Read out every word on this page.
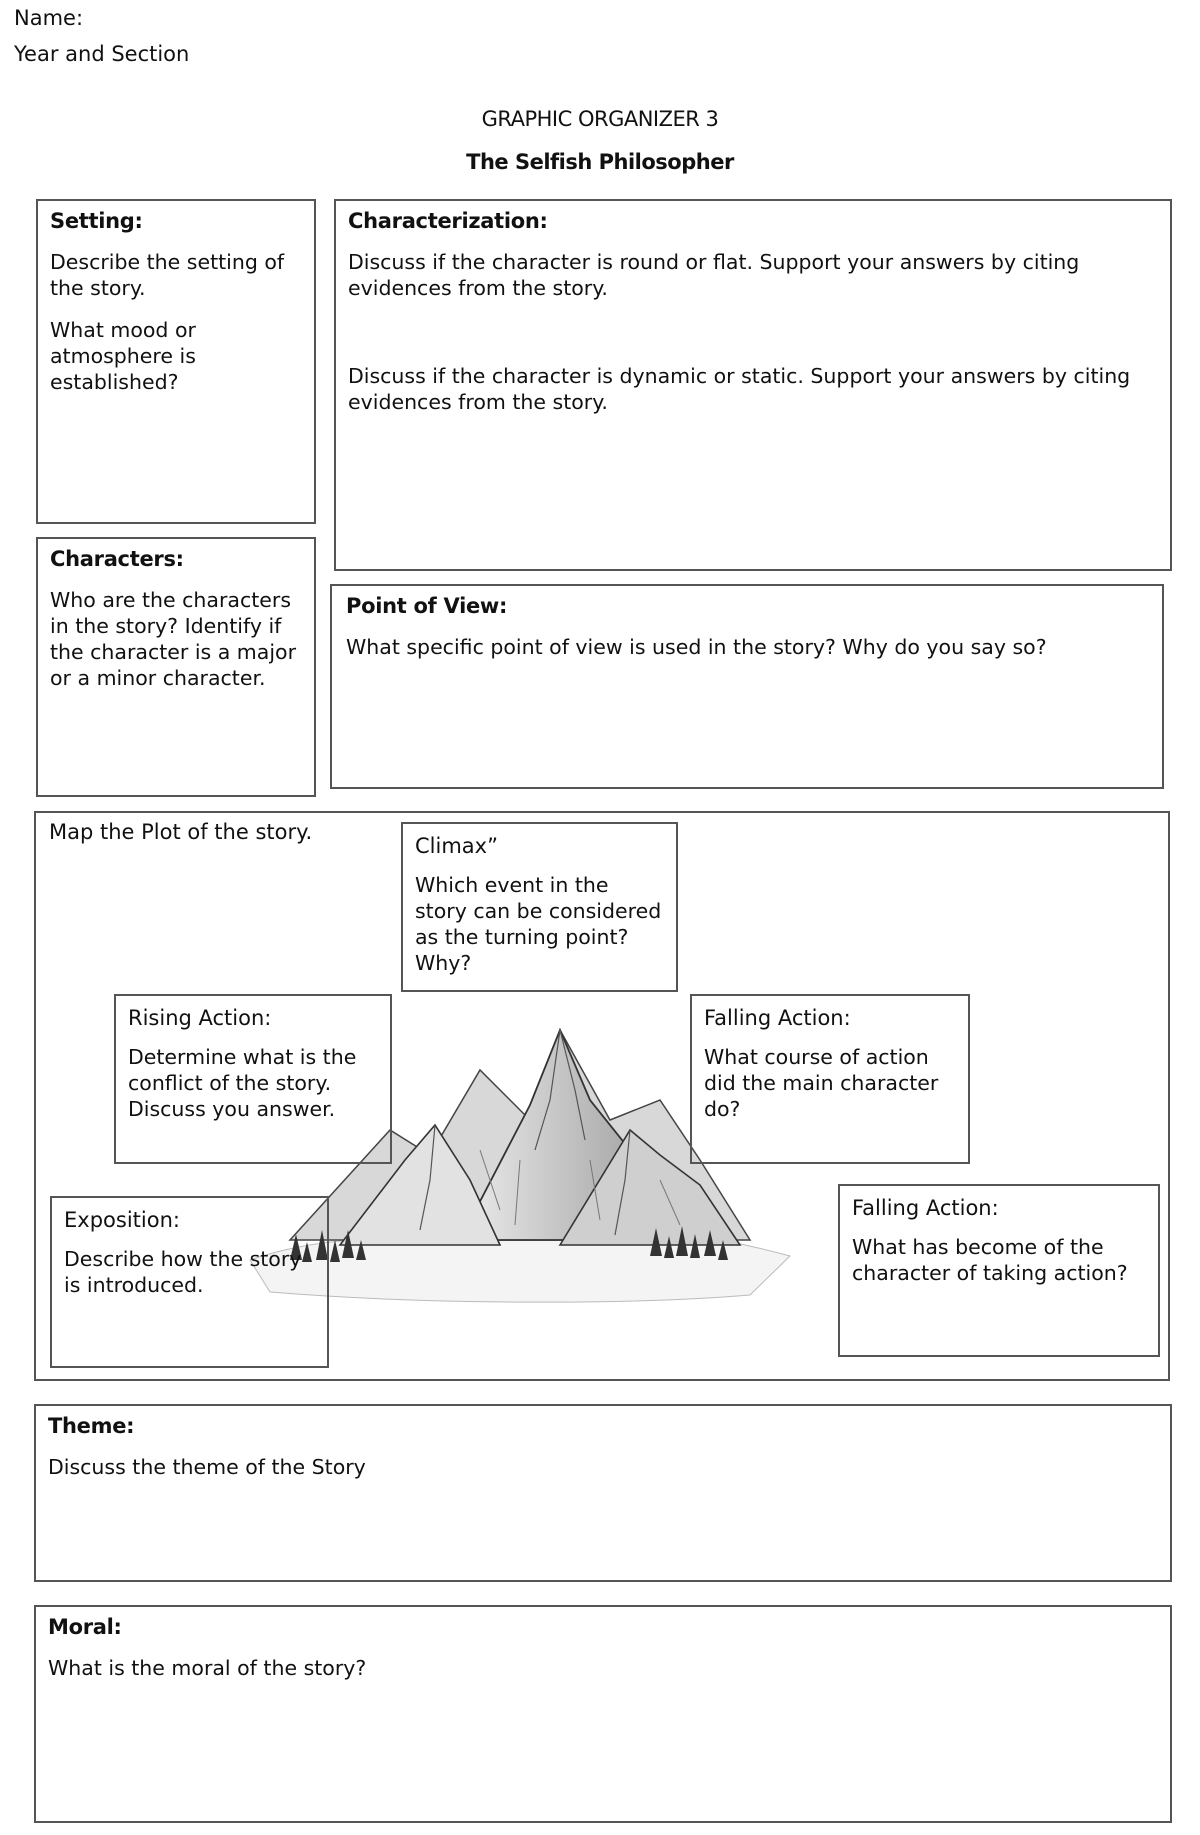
Name:
Year and Section
GRAPHIC ORGANIZER 3
The Selfish Philosopher
Setting:
Describe the setting of the story.
What mood or atmosphere is established?
Characterization:
Discuss if the character is round or flat. Support your answers by citing evidences from the story.
Discuss if the character is dynamic or static. Support your answers by citing evidences from the story.
Characters:
Who are the characters in the story? Identify if the character is a major or a minor character.
Point of View:
What specific point of view is used in the story? Why do you say so?
Map the Plot of the story.
Climax”
Which event in the story can be considered as the turning point? Why?
Rising Action:
Determine what is the conflict of the story. Discuss you answer.
Falling Action:
What course of action did the main character do?
Exposition:
Describe how the story is introduced.
Falling Action:
What has become of the character of taking action?
Theme:
Discuss the theme of the Story
Moral:
What is the moral of the story?
